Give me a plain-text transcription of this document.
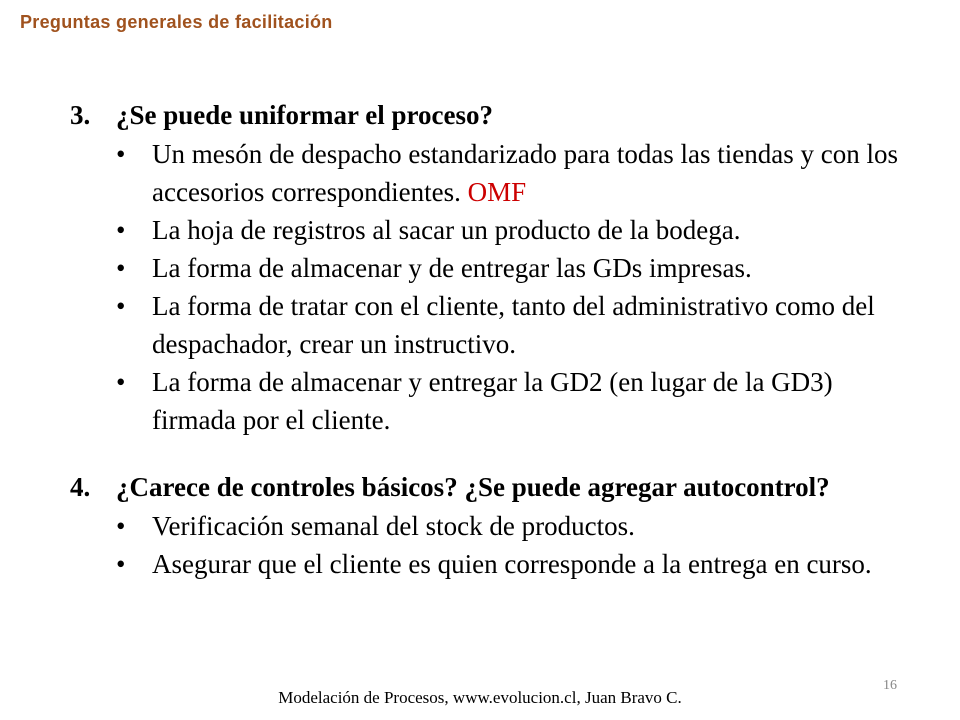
Preguntas generales de facilitación
3. ¿Se puede uniformar el proceso?
• Un mesón de despacho estandarizado para todas las tiendas y con los accesorios correspondientes. OMF
• La hoja de registros al sacar un producto de la bodega.
• La forma de almacenar y de entregar las GDs impresas.
• La forma de tratar con el cliente, tanto del administrativo como del despachador, crear un instructivo.
• La forma de almacenar y entregar la GD2 (en lugar de la GD3) firmada por el cliente.
4. ¿Carece de controles básicos? ¿Se puede agregar autocontrol?
• Verificación semanal del stock de productos.
• Asegurar que el cliente es quien corresponde a la entrega en curso.
Modelación de Procesos, www.evolucion.cl, Juan Bravo C.
16
